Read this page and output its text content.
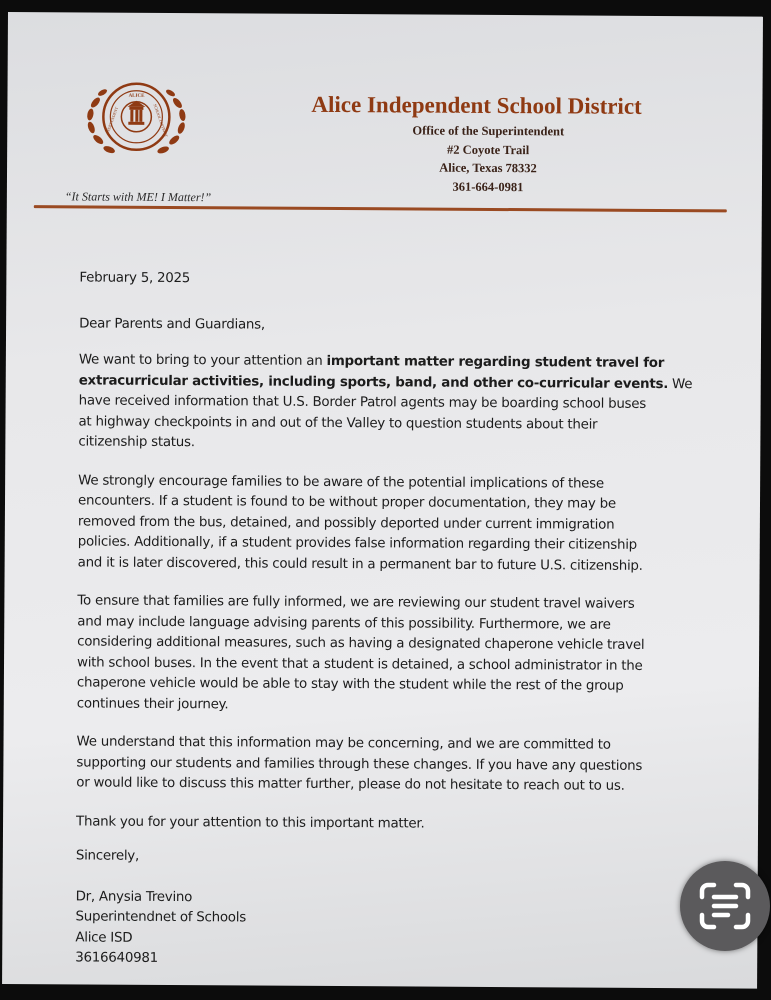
ALICE
INDEPENDENT	SCHOOL DISTRICT

“It Starts with ME! I Matter!”

Alice Independent School District
Office of the Superintendent
#2 Coyote Trail
Alice, Texas 78332
361-664-0981

February 5, 2025

Dear Parents and Guardians,

We want to bring to your attention an important matter regarding student travel for
extracurricular activities, including sports, band, and other co-curricular events. We
have received information that U.S. Border Patrol agents may be boarding school buses
at highway checkpoints in and out of the Valley to question students about their
citizenship status.

We strongly encourage families to be aware of the potential implications of these
encounters. If a student is found to be without proper documentation, they may be
removed from the bus, detained, and possibly deported under current immigration
policies. Additionally, if a student provides false information regarding their citizenship
and it is later discovered, this could result in a permanent bar to future U.S. citizenship.

To ensure that families are fully informed, we are reviewing our student travel waivers
and may include language advising parents of this possibility. Furthermore, we are
considering additional measures, such as having a designated chaperone vehicle travel
with school buses. In the event that a student is detained, a school administrator in the
chaperone vehicle would be able to stay with the student while the rest of the group
continues their journey.

We understand that this information may be concerning, and we are committed to
supporting our students and families through these changes. If you have any questions
or would like to discuss this matter further, please do not hesitate to reach out to us.

Thank you for your attention to this important matter.

Sincerely,

Dr, Anysia Trevino
Superintendnet of Schools
Alice ISD
3616640981
